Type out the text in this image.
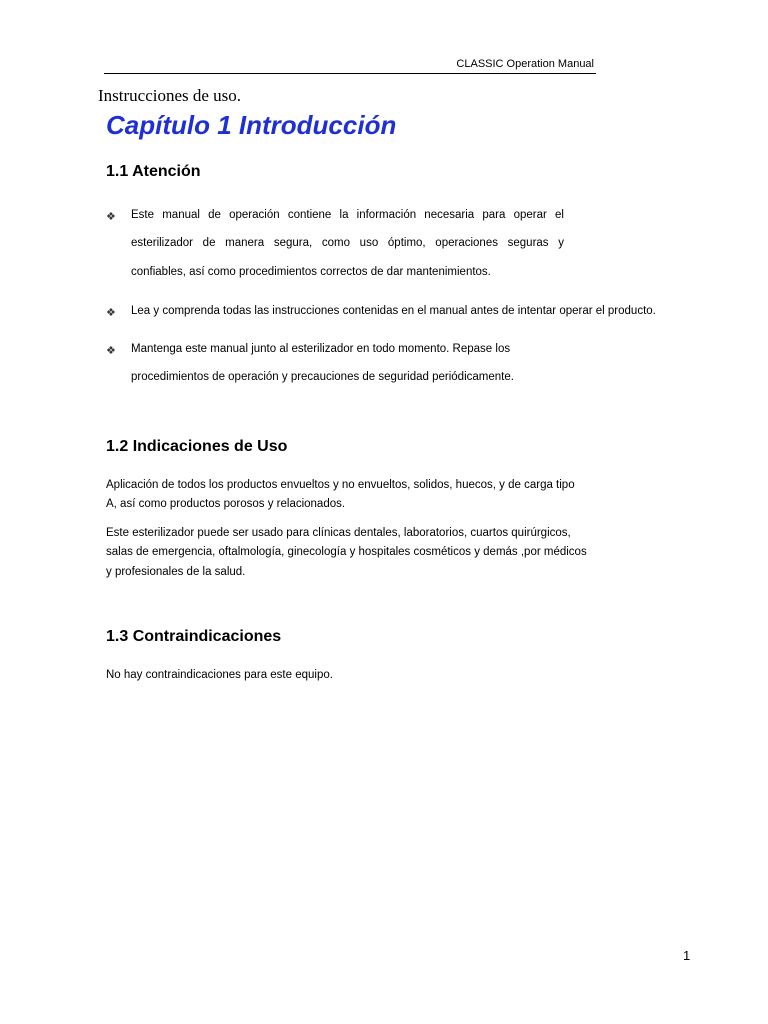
CLASSIC Operation Manual
Instrucciones de uso.
Capítulo 1 Introducción
1.1 Atención
❖ Este manual de operación contiene la información necesaria para operar el
esterilizador de manera segura, como uso óptimo, operaciones seguras y
confiables, así como procedimientos correctos de dar mantenimientos.
❖ Lea y comprenda todas las instrucciones contenidas en el manual antes de intentar operar el producto.
❖ Mantenga este manual junto al esterilizador en todo momento. Repase los
procedimientos de operación y precauciones de seguridad periódicamente.
1.2 Indicaciones de Uso
Aplicación de todos los productos envueltos y no envueltos, solidos, huecos, y de carga tipo
A, así como productos porosos y relacionados.
Este esterilizador puede ser usado para clínicas dentales, laboratorios, cuartos quirúrgicos,
salas de emergencia, oftalmología, ginecología y hospitales cosméticos y demás ,por médicos
y profesionales de la salud.
1.3 Contraindicaciones
No hay contraindicaciones para este equipo.
1
